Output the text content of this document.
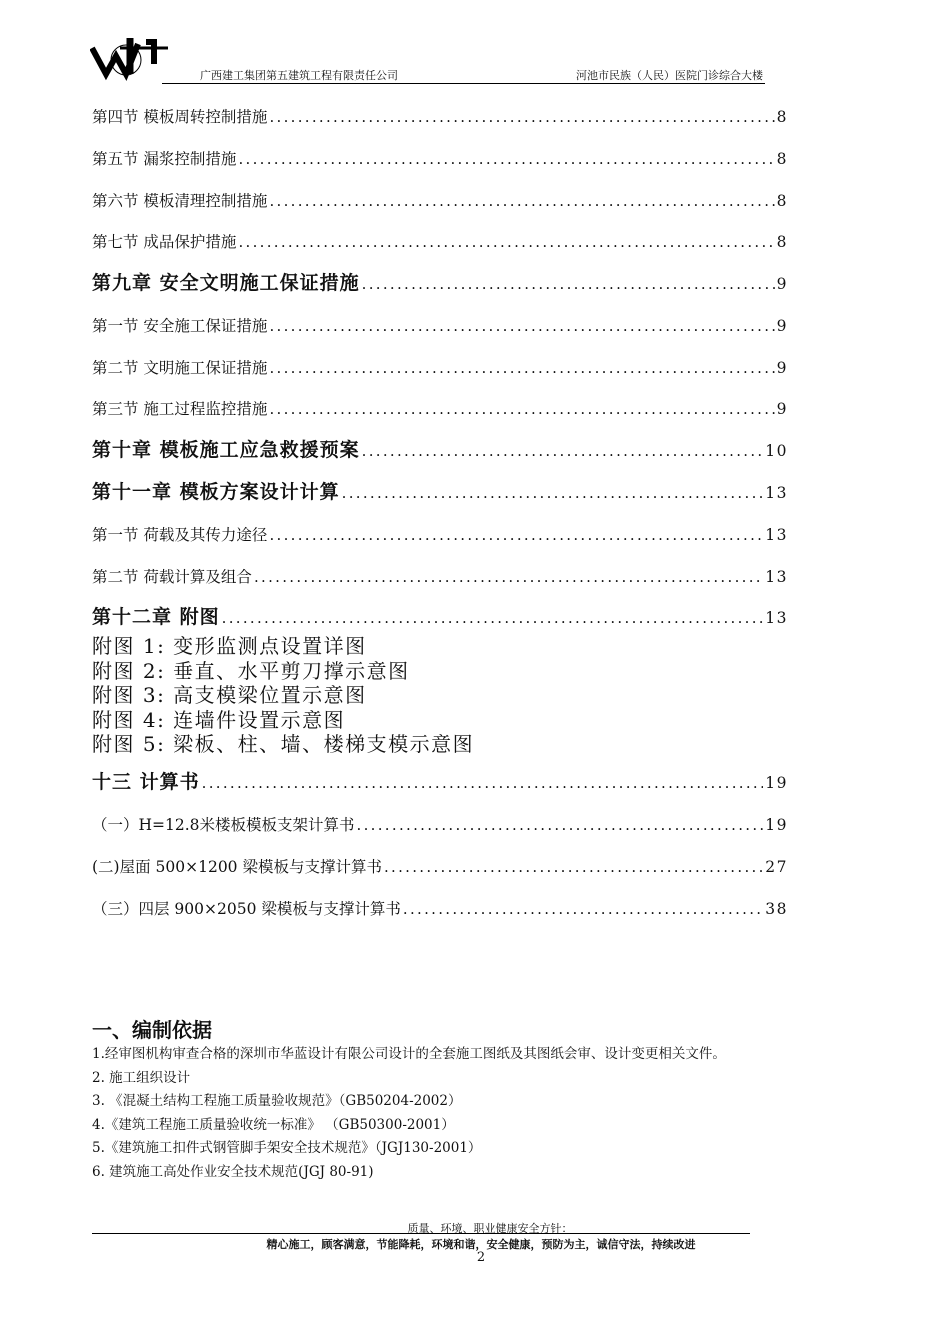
广西建工集团第五建筑工程有限责任公司	河池市民族（人民）医院门诊综合大楼
第四节 模板周转控制措施 .....	8
第五节 漏浆控制措施 .....	8
第六节 模板清理控制措施 .....	8
第七节 成品保护措施 .....	8
第九章 安全文明施工保证措施 .....	9
第一节 安全施工保证措施 .....	9
第二节 文明施工保证措施 .....	9
第三节 施工过程监控措施 .....	9
第十章 模板施工应急救援预案 .....	10
第十一章 模板方案设计计算 .....	13
第一节 荷载及其传力途径 .....	13
第二节 荷载计算及组合 .....	13
第十二章 附图 .....	13
附图 1: 变形监测点设置详图
附图 2: 垂直、水平剪刀撑示意图
附图 3: 高支模梁位置示意图
附图 4: 连墙件设置示意图
附图 5: 梁板、柱、墙、楼梯支模示意图
十三 计算书 .....	19
（一）H=12.8米楼板模板支架计算书 .....	19
(二)屋面 500×1200 梁模板与支撑计算书 .....	27
（三）四层 900×2050 梁模板与支撑计算书 .....	38
一、编制依据
1.经审图机构审查合格的深圳市华蓝设计有限公司设计的全套施工图纸及其图纸会审、设计变更相关文件。
2. 施工组织设计
3. 《混凝土结构工程施工质量验收规范》（GB50204-2002）
4.《建筑工程施工质量验收统一标准》 （GB50300-2001）
5.《建筑施工扣件式钢管脚手架安全技术规范》（JGJ130-2001）
6. 建筑施工高处作业安全技术规范(JGJ 80-91)
质量、环境、职业健康安全方针：
精心施工，顾客满意，节能降耗，环境和谐，安全健康，预防为主，诚信守法，持续改进
2
